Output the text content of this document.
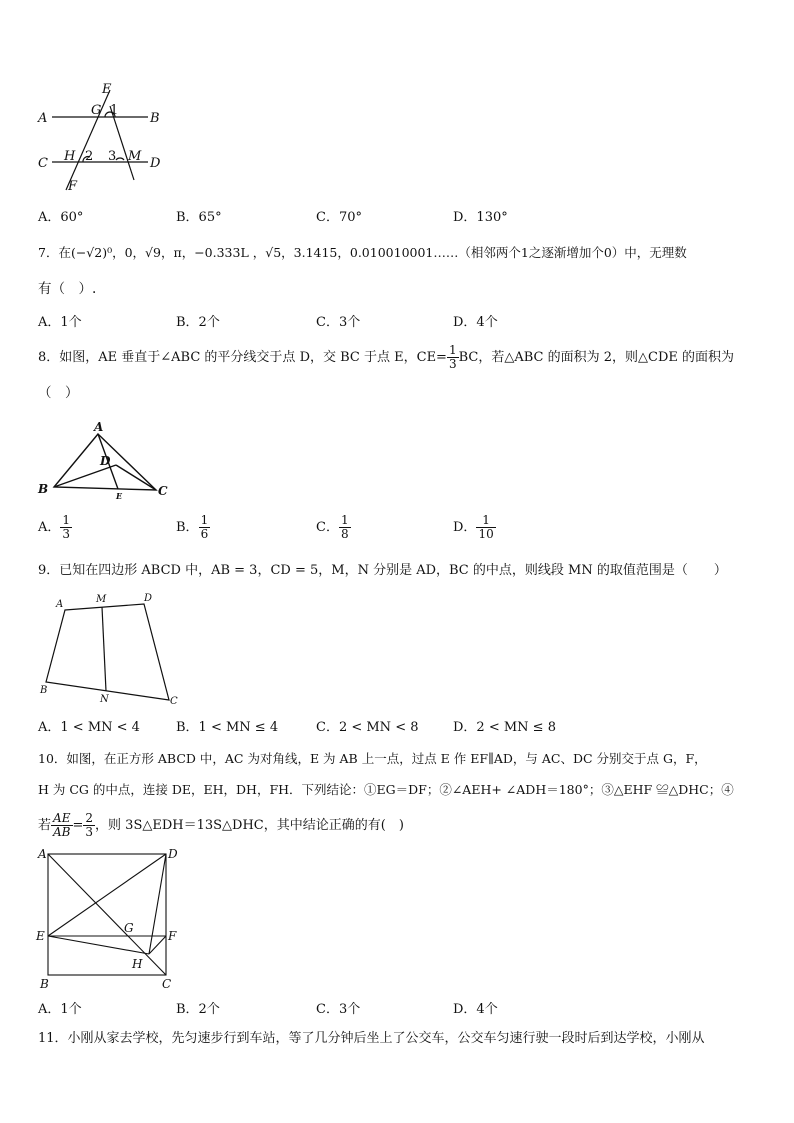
E
A
G 1
B
C H 2 3 M D
F
A．60°	B．65°	C．70°	D．130°
7．在(−√2)⁰，0，√9，π，−0.333L ，√5，3.1415，0.010010001……（相邻两个1之逐渐增加个0）中，无理数
有（　）.
A．1个	B．2个	C．3个	D．4个
8．如图，AE 垂直于∠ABC 的平分线交于点 D，交 BC 于点 E，$CE= \frac{1}{3}$ BC，若△ABC 的面积为 2，则△CDE 的面积为
（　）
A
D
B	E	C
A． $\frac{1}{3}$	B． $\frac{1}{6}$	C． $\frac{1}{8}$	D． $\frac{1}{10}$
9．已知在四边形 ABCD 中，AB = 3，CD = 5，M，N 分别是 AD，BC 的中点，则线段 MN 的取值范围是（　　）
A	M	D
B
N	C
A．1 < MN < 4	B．1 < MN ≤ 4	C．2 < MN < 8	D．2 < MN ≤ 8
10．如图，在正方形 ABCD 中，AC 为对角线，E 为 AB 上一点，过点 E 作 EF∥AD，与 AC、DC 分别交于点 G，F，
H 为 CG 的中点，连接 DE，EH，DH，FH．下列结论：①EG＝DF；②∠AEH+ ∠ADH＝180°；③△EHF ≌△DHC；④
若 $\frac{AE}{AB} = \frac{2}{3}$ ，则 3S△EDH＝13S△DHC，其中结论正确的有(　)
A	D
G
E	F
H
B	C
A．1个	B．2个	C．3个	D．4个
11．小刚从家去学校，先匀速步行到车站，等了几分钟后坐上了公交车，公交车匀速行驶一段时后到达学校，小刚从
